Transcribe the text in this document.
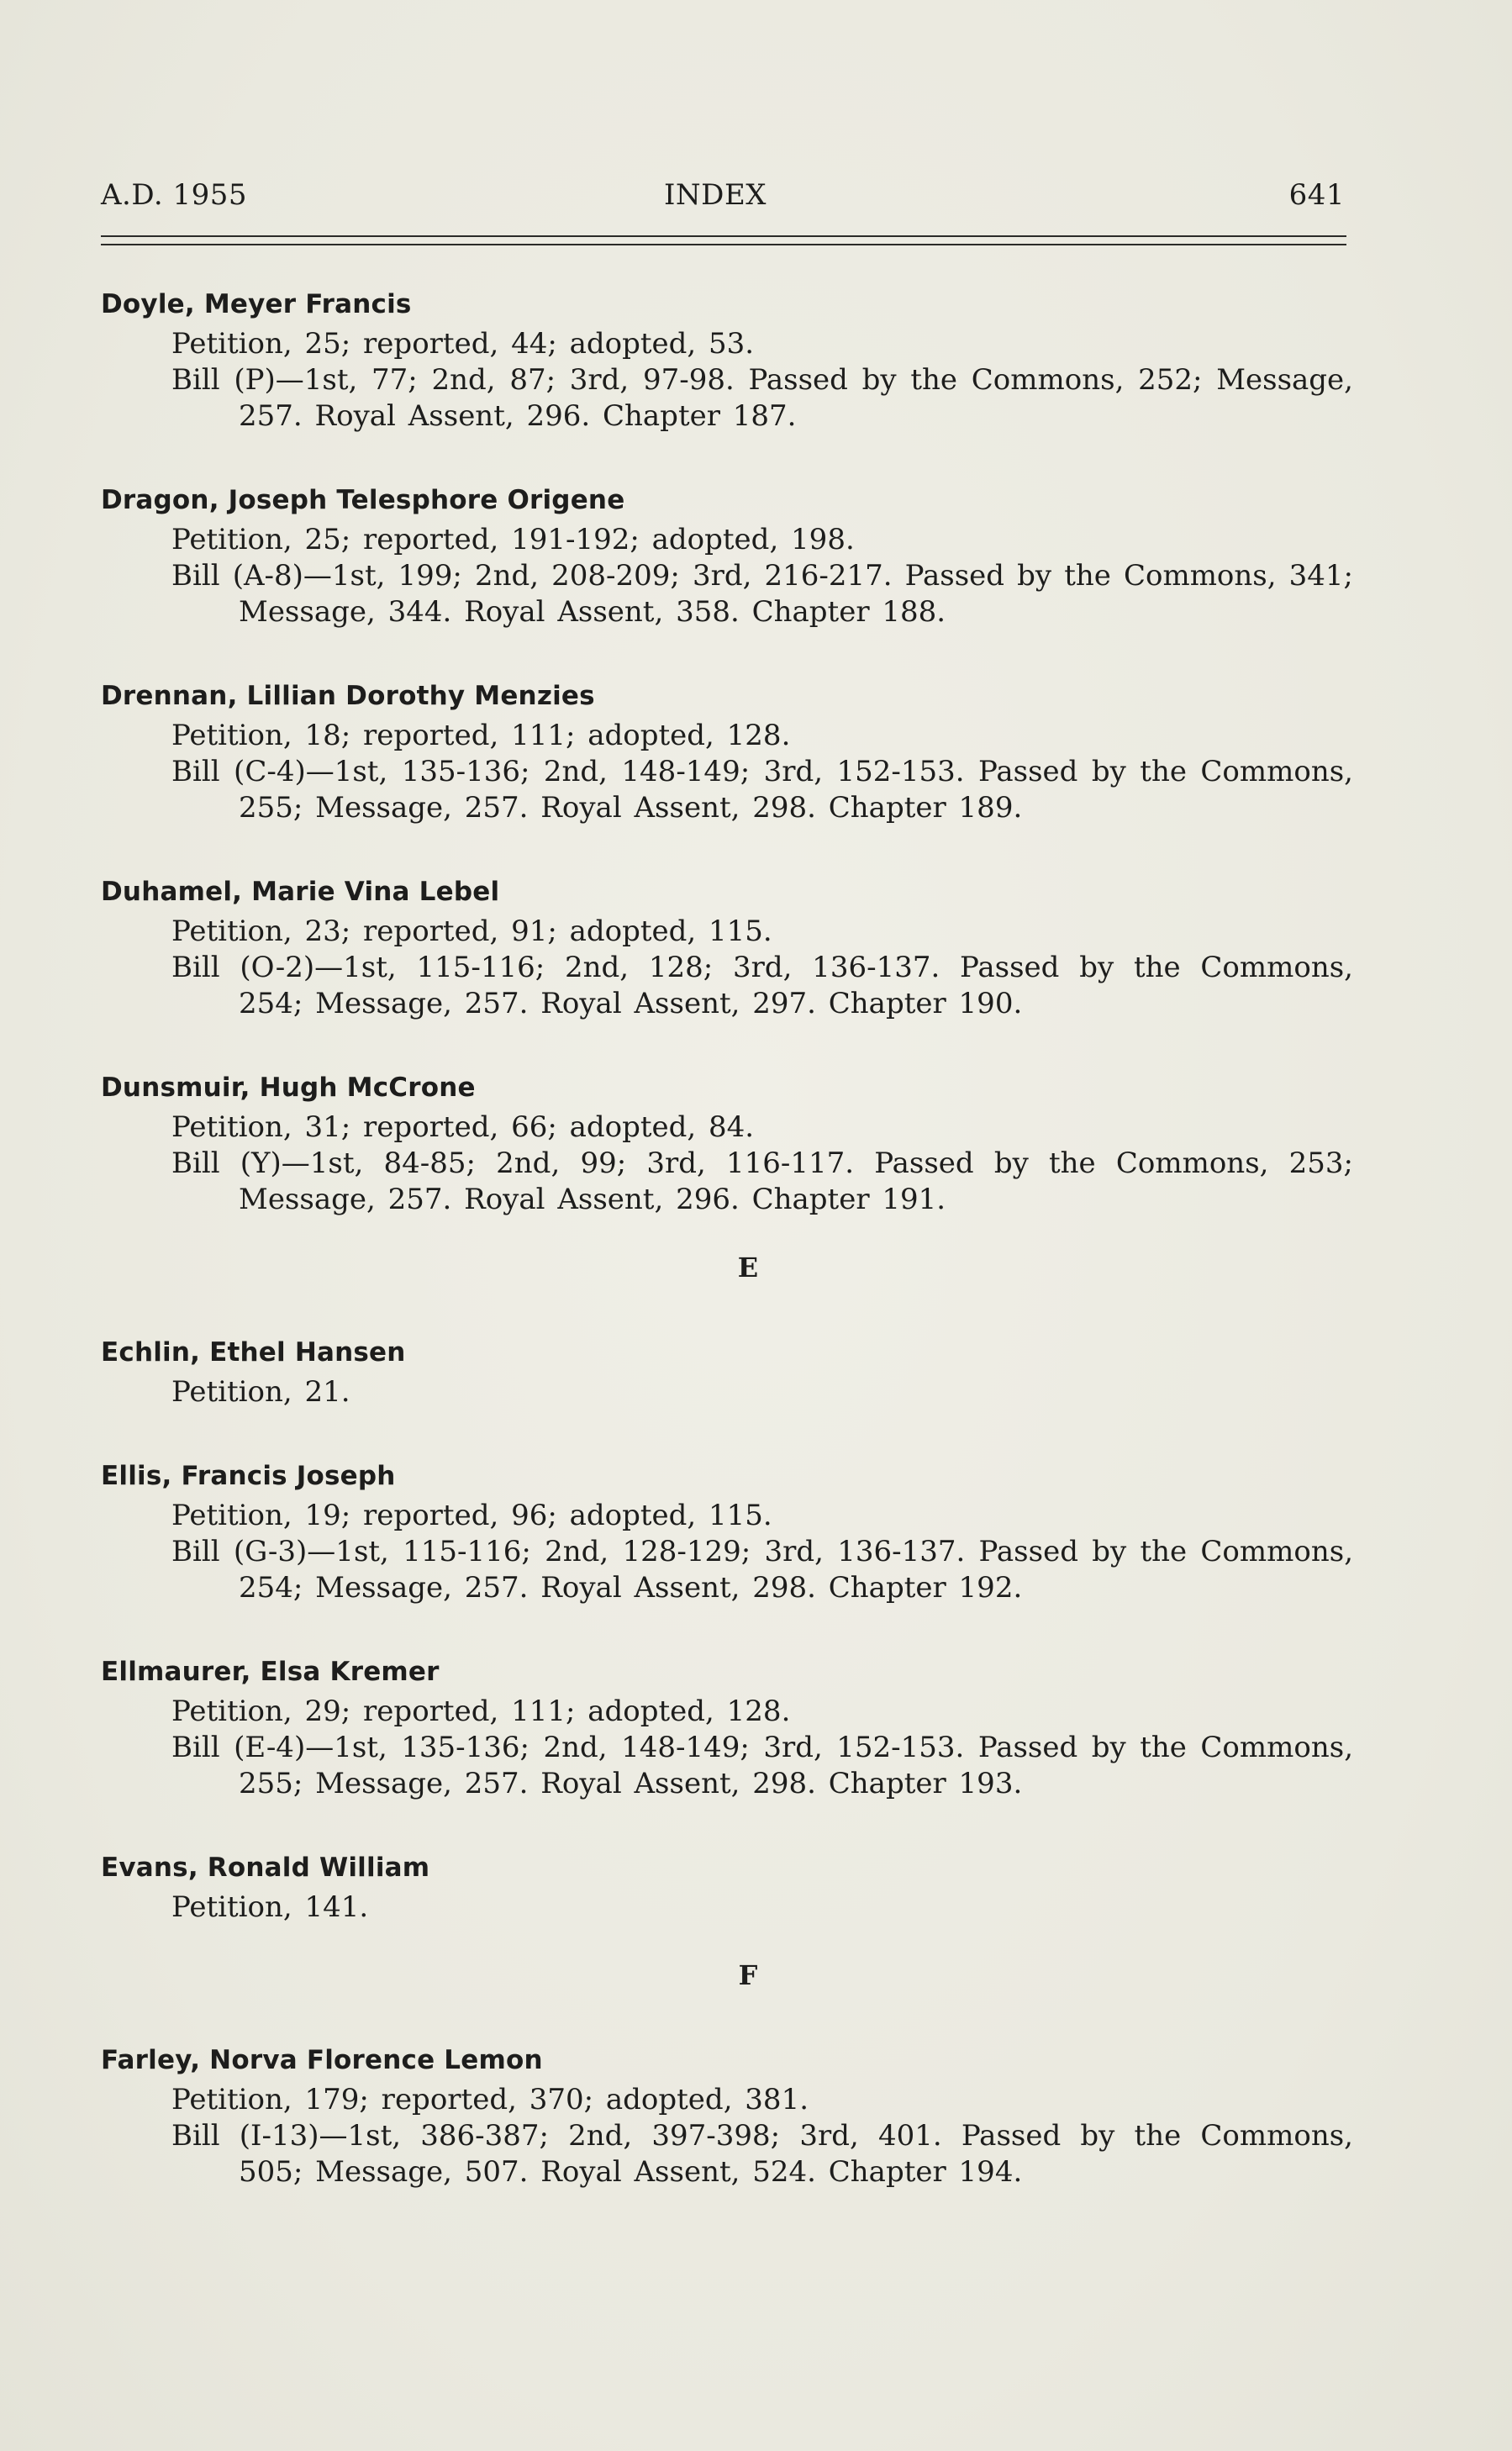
A.D. 1955	INDEX	641
Doyle, Meyer Francis
Petition, 25; reported, 44; adopted, 53.
Bill (P)—1st, 77; 2nd, 87; 3rd, 97-98. Passed by the Commons, 252; Message, 257. Royal Assent, 296. Chapter 187.
Dragon, Joseph Telesphore Origene
Petition, 25; reported, 191-192; adopted, 198.
Bill (A-8)—1st, 199; 2nd, 208-209; 3rd, 216-217. Passed by the Commons, 341; Message, 344. Royal Assent, 358. Chapter 188.
Drennan, Lillian Dorothy Menzies
Petition, 18; reported, 111; adopted, 128.
Bill (C-4)—1st, 135-136; 2nd, 148-149; 3rd, 152-153. Passed by the Commons, 255; Message, 257. Royal Assent, 298. Chapter 189.
Duhamel, Marie Vina Lebel
Petition, 23; reported, 91; adopted, 115.
Bill (O-2)—1st, 115-116; 2nd, 128; 3rd, 136-137. Passed by the Commons, 254; Message, 257. Royal Assent, 297. Chapter 190.
Dunsmuir, Hugh McCrone
Petition, 31; reported, 66; adopted, 84.
Bill (Y)—1st, 84-85; 2nd, 99; 3rd, 116-117. Passed by the Commons, 253; Message, 257. Royal Assent, 296. Chapter 191.
E
Echlin, Ethel Hansen
Petition, 21.
Ellis, Francis Joseph
Petition, 19; reported, 96; adopted, 115.
Bill (G-3)—1st, 115-116; 2nd, 128-129; 3rd, 136-137. Passed by the Commons, 254; Message, 257. Royal Assent, 298. Chapter 192.
Ellmaurer, Elsa Kremer
Petition, 29; reported, 111; adopted, 128.
Bill (E-4)—1st, 135-136; 2nd, 148-149; 3rd, 152-153. Passed by the Commons, 255; Message, 257. Royal Assent, 298. Chapter 193.
Evans, Ronald William
Petition, 141.
F
Farley, Norva Florence Lemon
Petition, 179; reported, 370; adopted, 381.
Bill (I-13)—1st, 386-387; 2nd, 397-398; 3rd, 401. Passed by the Commons, 505; Message, 507. Royal Assent, 524. Chapter 194.
